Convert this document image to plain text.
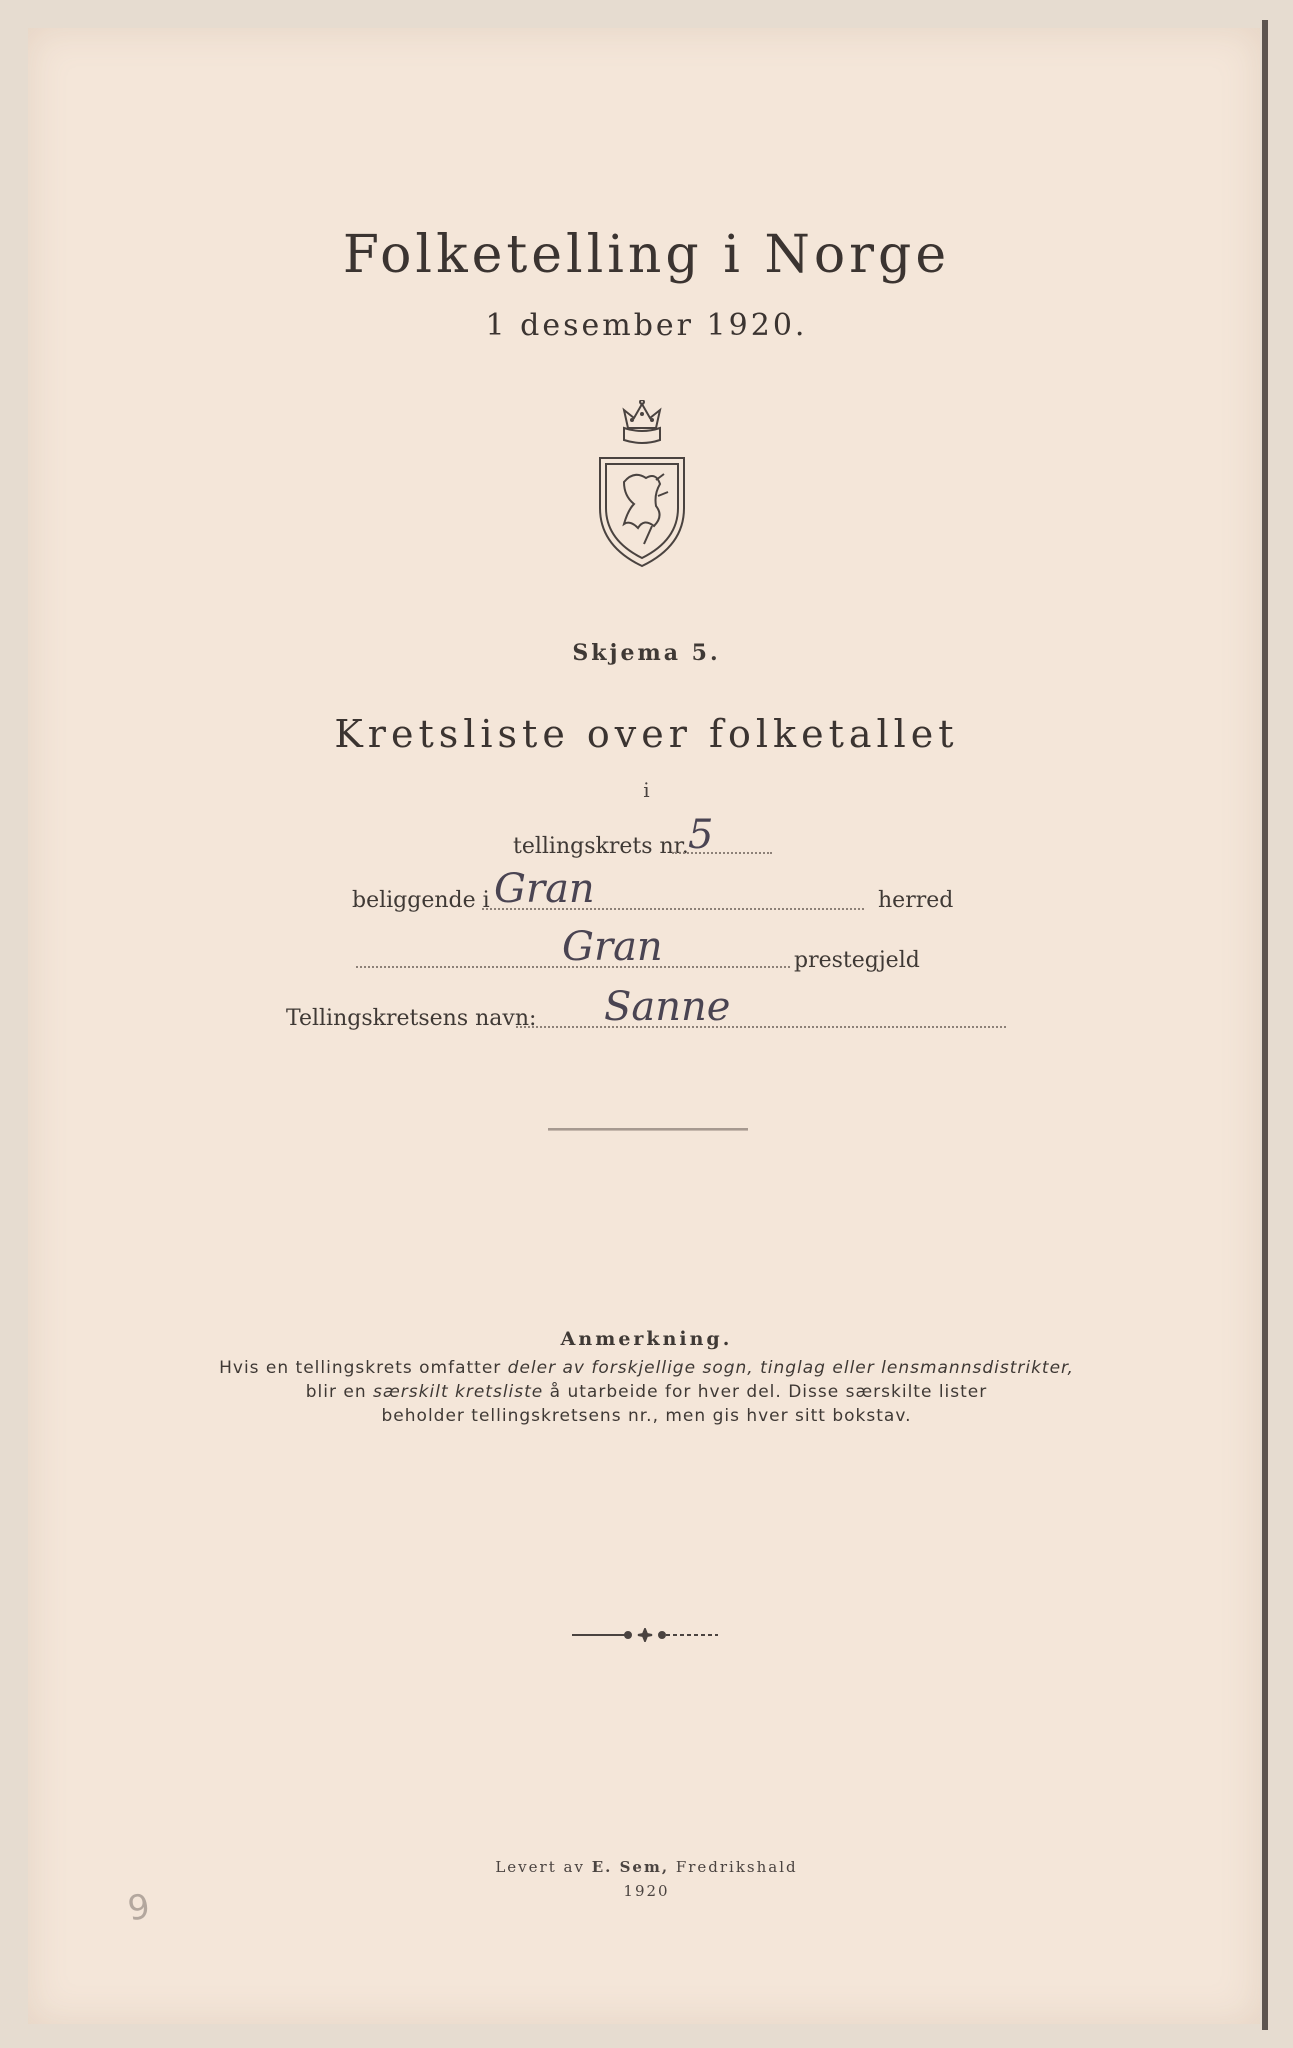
Folketelling i Norge
1 desember 1920.
Skjema 5.
Kretsliste over folketallet
i
tellingskrets nr. 5
beliggende i Gran	herred
Gran	prestegjeld
Tellingskretsens navn: Sanne
Anmerkning.
Hvis en tellingskrets omfatter deler av forskjellige sogn, tinglag eller lensmannsdistrikter,
blir en særskilt kretsliste å utarbeide for hver del. Disse særskilte lister
beholder tellingskretsens nr., men gis hver sitt bokstav.
Levert av E. Sem, Fredrikshald
1920
9
